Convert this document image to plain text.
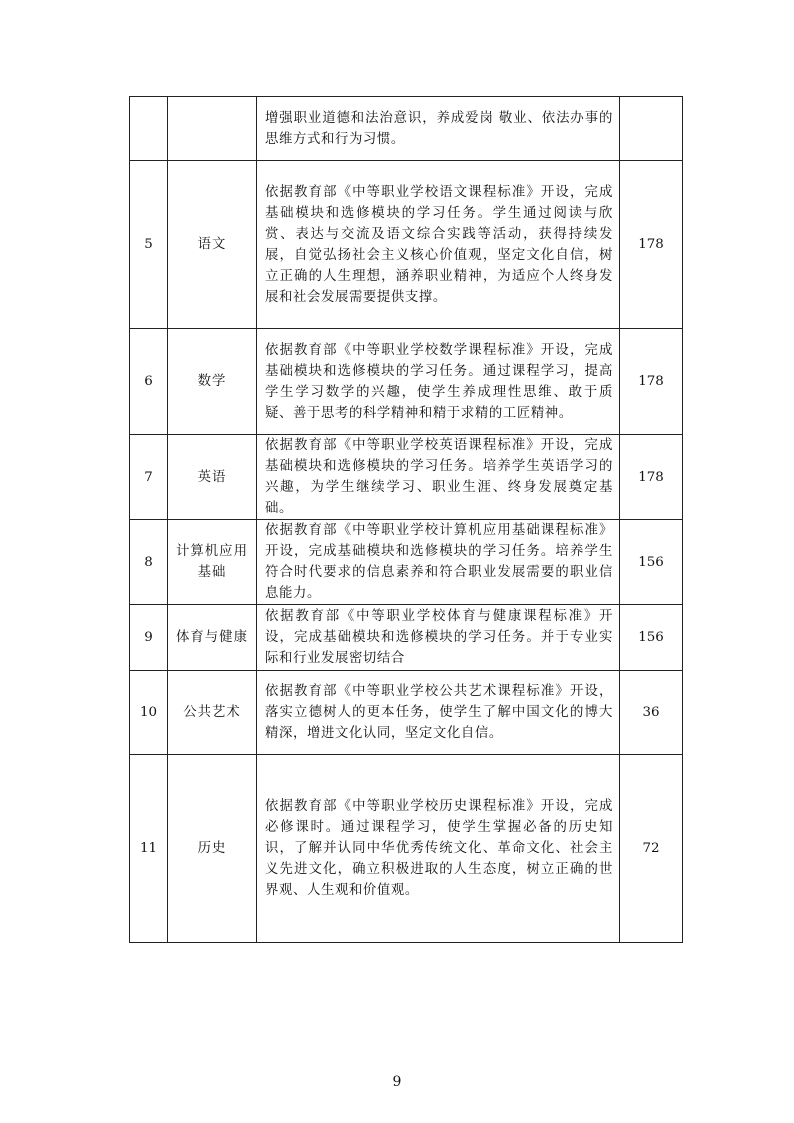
		增强职业道德和法治意识，养成爱岗 敬业、依法办事的思维方式和行为习惯。	
5	语文	依据教育部《中等职业学校语文课程标准》开设，完成基础模块和选修模块的学习任务。学生通过阅读与欣赏、表达与交流及语文综合实践等活动，获得持续发展，自觉弘扬社会主义核心价值观，坚定文化自信，树立正确的人生理想，涵养职业精神，为适应个人终身发展和社会发展需要提供支撑。	178
6	数学	依据教育部《中等职业学校数学课程标准》开设，完成基础模块和选修模块的学习任务。通过课程学习，提高学生学习数学的兴趣，使学生养成理性思维、敢于质疑、善于思考的科学精神和精于求精的工匠精神。	178
7	英语	依据教育部《中等职业学校英语课程标准》开设，完成基础模块和选修模块的学习任务。培养学生英语学习的兴趣，为学生继续学习、职业生涯、终身发展奠定基础。	178
8	计算机应用基础	依据教育部《中等职业学校计算机应用基础课程标准》开设，完成基础模块和选修模块的学习任务。培养学生符合时代要求的信息素养和符合职业发展需要的职业信息能力。	156
9	体育与健康	依据教育部《中等职业学校体育与健康课程标准》开设，完成基础模块和选修模块的学习任务。并于专业实际和行业发展密切结合	156
10	公共艺术	依据教育部《中等职业学校公共艺术课程标准》开设，落实立德树人的更本任务，使学生了解中国文化的博大精深，增进文化认同，坚定文化自信。	36
11	历史	依据教育部《中等职业学校历史课程标准》开设，完成必修课时。通过课程学习，使学生掌握必备的历史知识，了解并认同中华优秀传统文化、革命文化、社会主义先进文化，确立积极进取的人生态度，树立正确的世界观、人生观和价值观。	72
9
